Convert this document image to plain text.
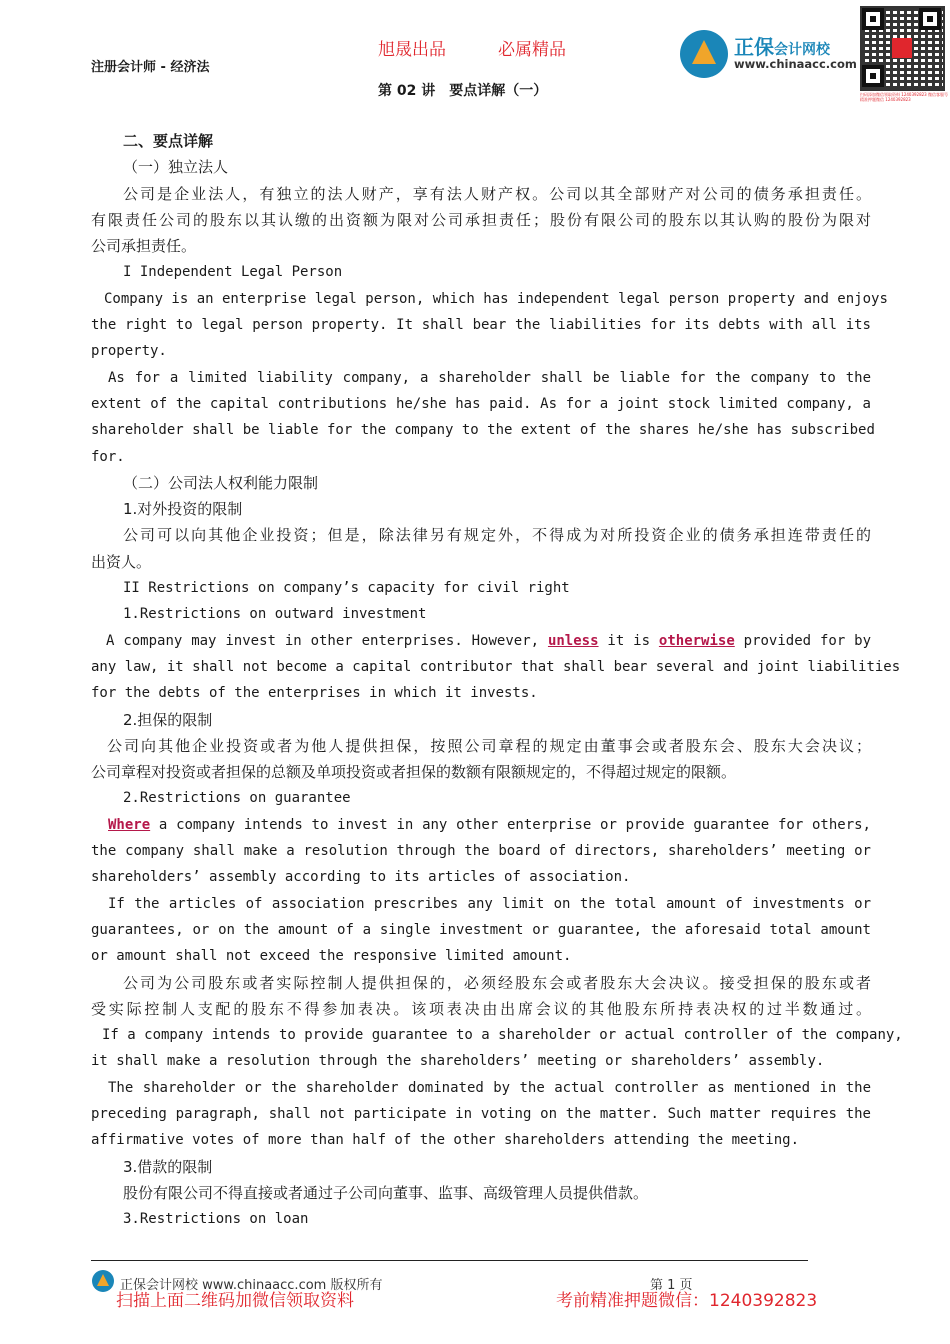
注册会计师 - 经济法
旭晟出品	必属精品
第 02 讲　要点详解（一）
正保会计网校
www.chinaacc.com
扫码添加微信领取资料 1240392823 微信客服号 精准押题微信 1240392823
二、要点详解
（一）独立法人
公司是企业法人，有独立的法人财产，享有法人财产权。公司以其全部财产对公司的债务承担责任。
有限责任公司的股东以其认缴的出资额为限对公司承担责任；股份有限公司的股东以其认购的股份为限对
公司承担责任。
I Independent Legal Person
Company is an enterprise legal person, which has independent legal person property and enjoys
the right to legal person property. It shall bear the liabilities for its debts with all its
property.
As for a limited liability company, a shareholder shall be liable for the company to the
extent of the capital contributions he/she has paid. As for a joint stock limited company, a
shareholder shall be liable for the company to the extent of the shares he/she has subscribed
for.
（二）公司法人权利能力限制
1.对外投资的限制
公司可以向其他企业投资；但是，除法律另有规定外，不得成为对所投资企业的债务承担连带责任的
出资人。
II Restrictions on company’s capacity for civil right
1.Restrictions on outward investment
A company may invest in other enterprises. However, unless it is otherwise provided for by
any law, it shall not become a capital contributor that shall bear several and joint liabilities
for the debts of the enterprises in which it invests.
2.担保的限制
公司向其他企业投资或者为他人提供担保，按照公司章程的规定由董事会或者股东会、股东大会决议；
公司章程对投资或者担保的总额及单项投资或者担保的数额有限额规定的，不得超过规定的限额。
2.Restrictions on guarantee
Where a company intends to invest in any other enterprise or provide guarantee for others,
the company shall make a resolution through the board of directors, shareholders’ meeting or
shareholders’ assembly according to its articles of association.
If the articles of association prescribes any limit on the total amount of investments or
guarantees, or on the amount of a single investment or guarantee, the aforesaid total amount
or amount shall not exceed the responsive limited amount.
公司为公司股东或者实际控制人提供担保的，必须经股东会或者股东大会决议。接受担保的股东或者
受实际控制人支配的股东不得参加表决。该项表决由出席会议的其他股东所持表决权的过半数通过。
If a company intends to provide guarantee to a shareholder or actual controller of the company,
it shall make a resolution through the shareholders’ meeting or shareholders’ assembly.
The shareholder or the shareholder dominated by the actual controller as mentioned in the
preceding paragraph, shall not participate in voting on the matter. Such matter requires the
affirmative votes of more than half of the other shareholders attending the meeting.
3.借款的限制
股份有限公司不得直接或者通过子公司向董事、监事、高级管理人员提供借款。
3.Restrictions on loan
正保会计网校 www.chinaacc.com 版权所有	第 1 页
扫描上面二维码加微信领取资料	考前精准押题微信：1240392823
